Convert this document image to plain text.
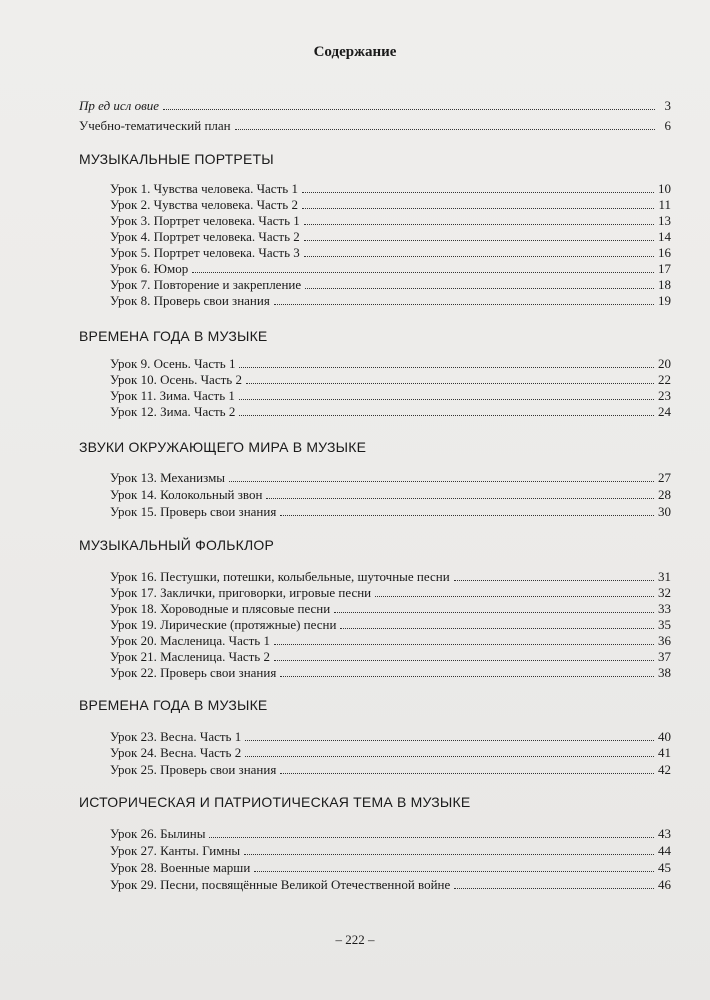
Содержание
Пр ед исл овие	3
Учебно-тематический план	6
МУЗЫКАЛЬНЫЕ ПОРТРЕТЫ
Урок 1. Чувства человека. Часть 1	10
Урок 2. Чувства человека. Часть 2	11
Урок 3. Портрет человека. Часть 1	13
Урок 4. Портрет человека. Часть 2	14
Урок 5. Портрет человека. Часть 3	16
Урок 6. Юмор	17
Урок 7. Повторение и закрепление	18
Урок 8. Проверь свои знания	19
ВРЕМЕНА ГОДА В МУЗЫКЕ
Урок 9. Осень. Часть 1	20
Урок 10. Осень. Часть 2	22
Урок 11. Зима. Часть 1	23
Урок 12. Зима. Часть 2	24
ЗВУКИ ОКРУЖАЮЩЕГО МИРА В МУЗЫКЕ
Урок 13. Механизмы	27
Урок 14. Колокольный звон	28
Урок 15. Проверь свои знания	30
МУЗЫКАЛЬНЫЙ ФОЛЬКЛОР
Урок 16. Пестушки, потешки, колыбельные, шуточные песни	31
Урок 17. Заклички, приговорки, игровые песни	32
Урок 18. Хороводные и плясовые песни	33
Урок 19. Лирические (протяжные) песни	35
Урок 20. Масленица. Часть 1	36
Урок 21. Масленица. Часть 2	37
Урок 22. Проверь свои знания	38
ВРЕМЕНА ГОДА В МУЗЫКЕ
Урок 23. Весна. Часть 1	40
Урок 24. Весна. Часть 2	41
Урок 25. Проверь свои знания	42
ИСТОРИЧЕСКАЯ И ПАТРИОТИЧЕСКАЯ ТЕМА В МУЗЫКЕ
Урок 26. Былины	43
Урок 27. Канты. Гимны	44
Урок 28. Военные марши	45
Урок 29. Песни, посвящённые Великой Отечественной войне	46
– 222 –
